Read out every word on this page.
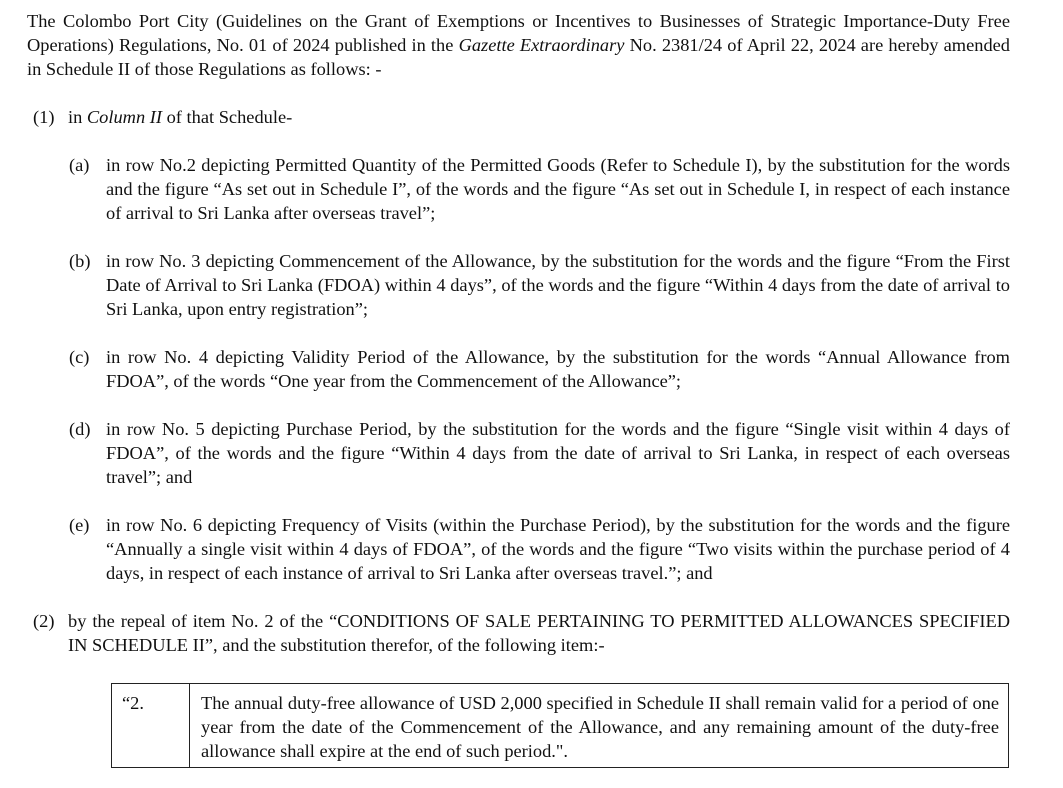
The Colombo Port City (Guidelines on the Grant of Exemptions or Incentives to Businesses of Strategic Importance-Duty Free Operations) Regulations, No. 01 of 2024 published in the Gazette Extraordinary No. 2381/24 of April 22, 2024 are hereby amended in Schedule II of those Regulations as follows: -
(1) in Column II of that Schedule-
(a) in row No.2 depicting Permitted Quantity of the Permitted Goods (Refer to Schedule I), by the substitution for the words and the figure “As set out in Schedule I”, of the words and the figure “As set out in Schedule I, in respect of each instance of arrival to Sri Lanka after overseas travel”;
(b) in row No. 3 depicting Commencement of the Allowance, by the substitution for the words and the figure “From the First Date of Arrival to Sri Lanka (FDOA) within 4 days”, of the words and the figure “Within 4 days from the date of arrival to Sri Lanka, upon entry registration”;
(c) in row No. 4 depicting Validity Period of the Allowance, by the substitution for the words “Annual Allowance from FDOA”, of the words “One year from the Commencement of the Allowance”;
(d) in row No. 5 depicting Purchase Period, by the substitution for the words and the figure “Single visit within 4 days of FDOA”, of the words and the figure “Within 4 days from the date of arrival to Sri Lanka, in respect of each overseas travel”; and
(e) in row No. 6 depicting Frequency of Visits (within the Purchase Period), by the substitution for the words and the figure “Annually a single visit within 4 days of FDOA”, of the words and the figure “Two visits within the purchase period of 4 days, in respect of each instance of arrival to Sri Lanka after overseas travel.”; and
(2) by the repeal of item No. 2 of the “CONDITIONS OF SALE PERTAINING TO PERMITTED ALLOWANCES SPECIFIED IN SCHEDULE II”, and the substitution therefor, of the following item:-
“2.	The annual duty-free allowance of USD 2,000 specified in Schedule II shall remain valid for a period of one year from the date of the Commencement of the Allowance, and any remaining amount of the duty-free allowance shall expire at the end of such period.".
